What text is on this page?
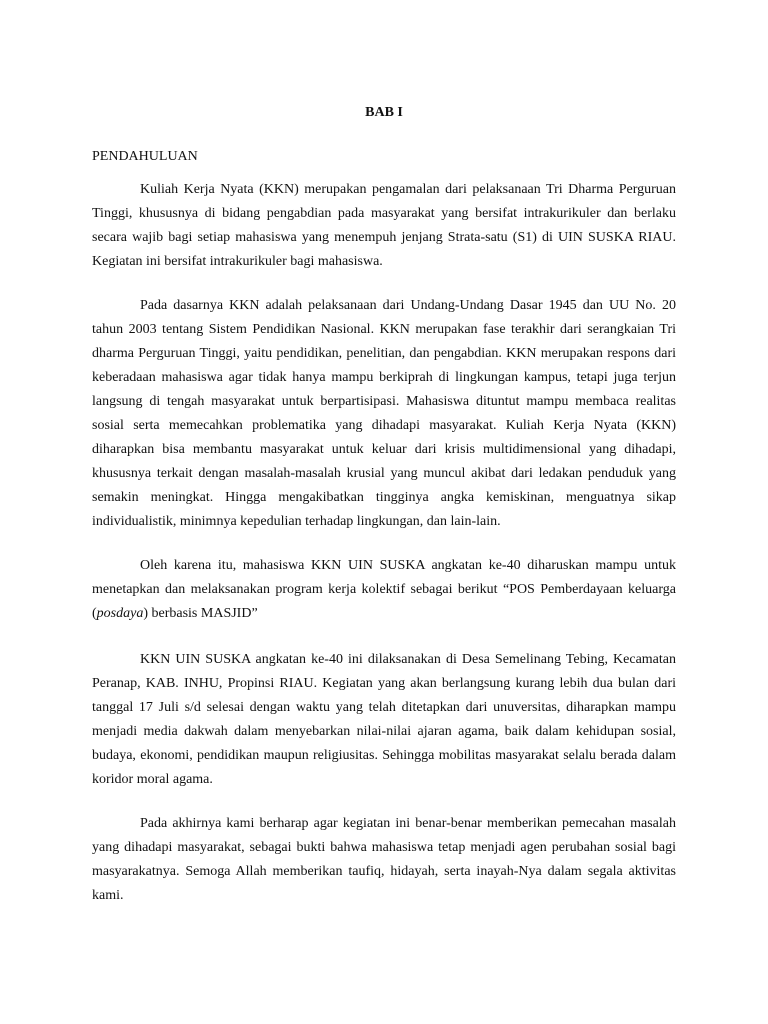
BAB I
PENDAHULUAN

Kuliah Kerja Nyata (KKN) merupakan pengamalan dari pelaksanaan Tri Dharma Perguruan Tinggi, khususnya di bidang pengabdian pada masyarakat yang bersifat intrakurikuler dan berlaku secara wajib bagi setiap mahasiswa yang menempuh jenjang Strata-satu (S1) di UIN SUSKA RIAU. Kegiatan ini bersifat intrakurikuler bagi mahasiswa.

Pada dasarnya KKN adalah pelaksanaan dari Undang-Undang Dasar 1945 dan UU No. 20 tahun 2003 tentang Sistem Pendidikan Nasional. KKN merupakan fase terakhir dari serangkaian Tri dharma Perguruan Tinggi, yaitu pendidikan, penelitian, dan pengabdian. KKN merupakan respons dari keberadaan mahasiswa agar tidak hanya mampu berkiprah di lingkungan kampus, tetapi juga terjun langsung di tengah masyarakat untuk berpartisipasi. Mahasiswa dituntut mampu membaca realitas sosial serta memecahkan problematika yang dihadapi masyarakat. Kuliah Kerja Nyata (KKN) diharapkan bisa membantu masyarakat untuk keluar dari krisis multidimensional yang dihadapi, khususnya terkait dengan masalah-masalah krusial yang muncul akibat dari ledakan penduduk yang semakin meningkat. Hingga mengakibatkan tingginya angka kemiskinan, menguatnya sikap individualistik, minimnya kepedulian terhadap lingkungan, dan lain-lain.

Oleh karena itu, mahasiswa KKN UIN SUSKA angkatan ke-40 diharuskan mampu untuk menetapkan dan melaksanakan program kerja kolektif sebagai berikut “POS Pemberdayaan keluarga (posdaya) berbasis MASJID”

KKN UIN SUSKA angkatan ke-40 ini dilaksanakan di Desa Semelinang Tebing, Kecamatan Peranap, KAB. INHU, Propinsi RIAU. Kegiatan yang akan berlangsung kurang lebih dua bulan dari tanggal 17 Juli s/d selesai dengan waktu yang telah ditetapkan dari unuversitas, diharapkan mampu menjadi media dakwah dalam menyebarkan nilai-nilai ajaran agama, baik dalam kehidupan sosial, budaya, ekonomi, pendidikan maupun religiusitas. Sehingga mobilitas masyarakat selalu berada dalam koridor moral agama.

Pada akhirnya kami berharap agar kegiatan ini benar-benar memberikan pemecahan masalah yang dihadapi masyarakat, sebagai bukti bahwa mahasiswa tetap menjadi agen perubahan sosial bagi masyarakatnya. Semoga Allah memberikan taufiq, hidayah, serta inayah-Nya dalam segala aktivitas kami.
